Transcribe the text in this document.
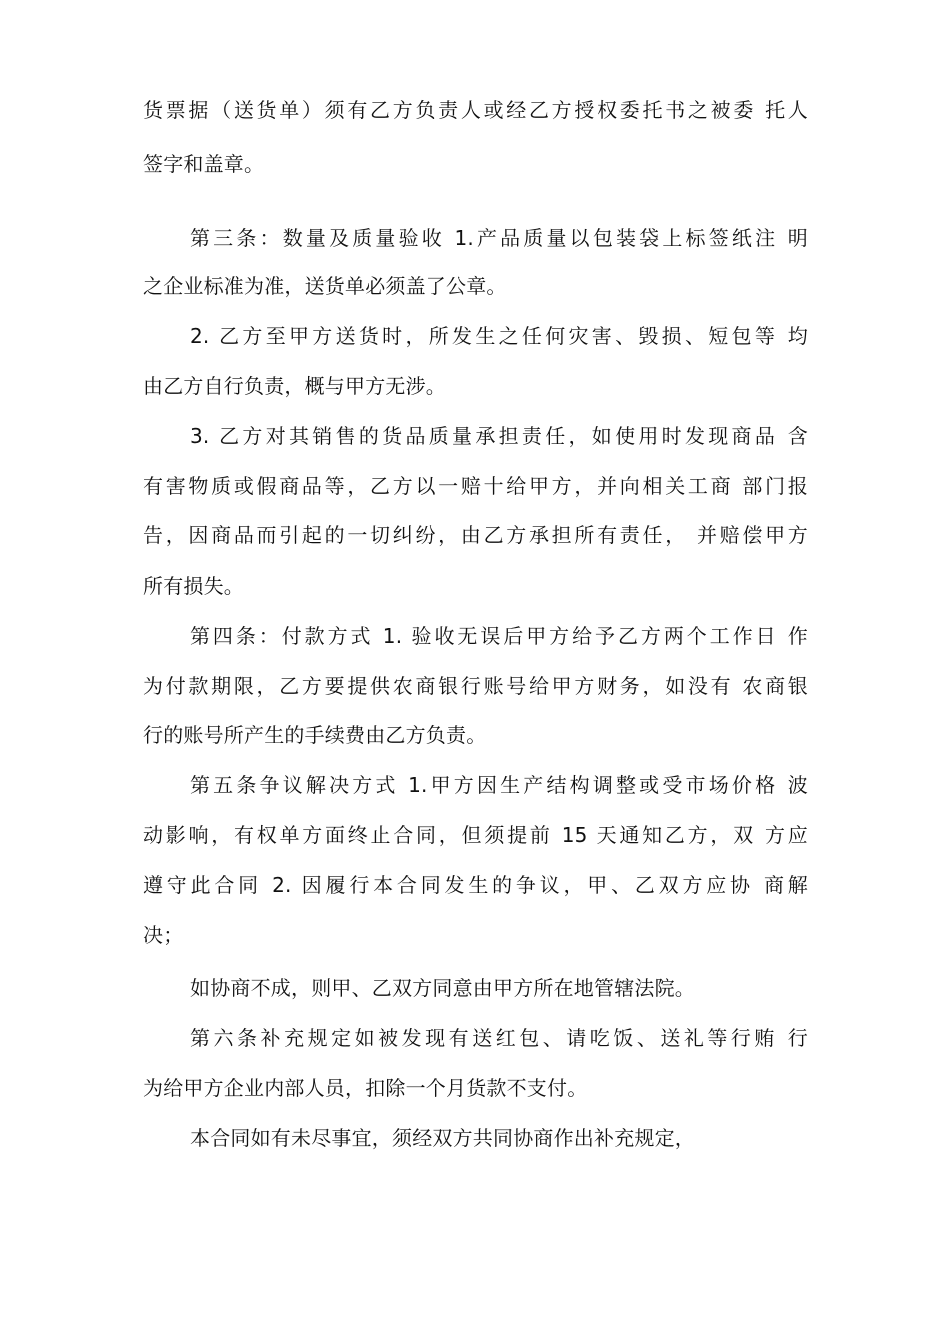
货票据（送货单）须有乙方负责人或经乙方授权委托书之被委 托人
签字和盖章。
第三条：数量及质量验收 1.产品质量以包装袋上标签纸注 明
之企业标准为准，送货单必须盖了公章。
2. 乙方至甲方送货时，所发生之任何灾害、毁损、短包等 均
由乙方自行负责，概与甲方无涉。
3. 乙方对其销售的货品质量承担责任，如使用时发现商品 含
有害物质或假商品等，乙方以一赔十给甲方，并向相关工商 部门报
告，因商品而引起的一切纠纷，由乙方承担所有责任， 并赔偿甲方
所有损失。
第四条：付款方式 1. 验收无误后甲方给予乙方两个工作日 作
为付款期限，乙方要提供农商银行账号给甲方财务，如没有 农商银
行的账号所产生的手续费由乙方负责。
第五条争议解决方式 1.甲方因生产结构调整或受市场价格 波
动影响，有权单方面终止合同，但须提前 15 天通知乙方，双 方应
遵守此合同 2. 因履行本合同发生的争议，甲、乙双方应协 商解
决；
如协商不成，则甲、乙双方同意由甲方所在地管辖法院。
第六条补充规定如被发现有送红包、请吃饭、送礼等行贿 行
为给甲方企业内部人员，扣除一个月货款不支付。
本合同如有未尽事宜，须经双方共同协商作出补充规定，
